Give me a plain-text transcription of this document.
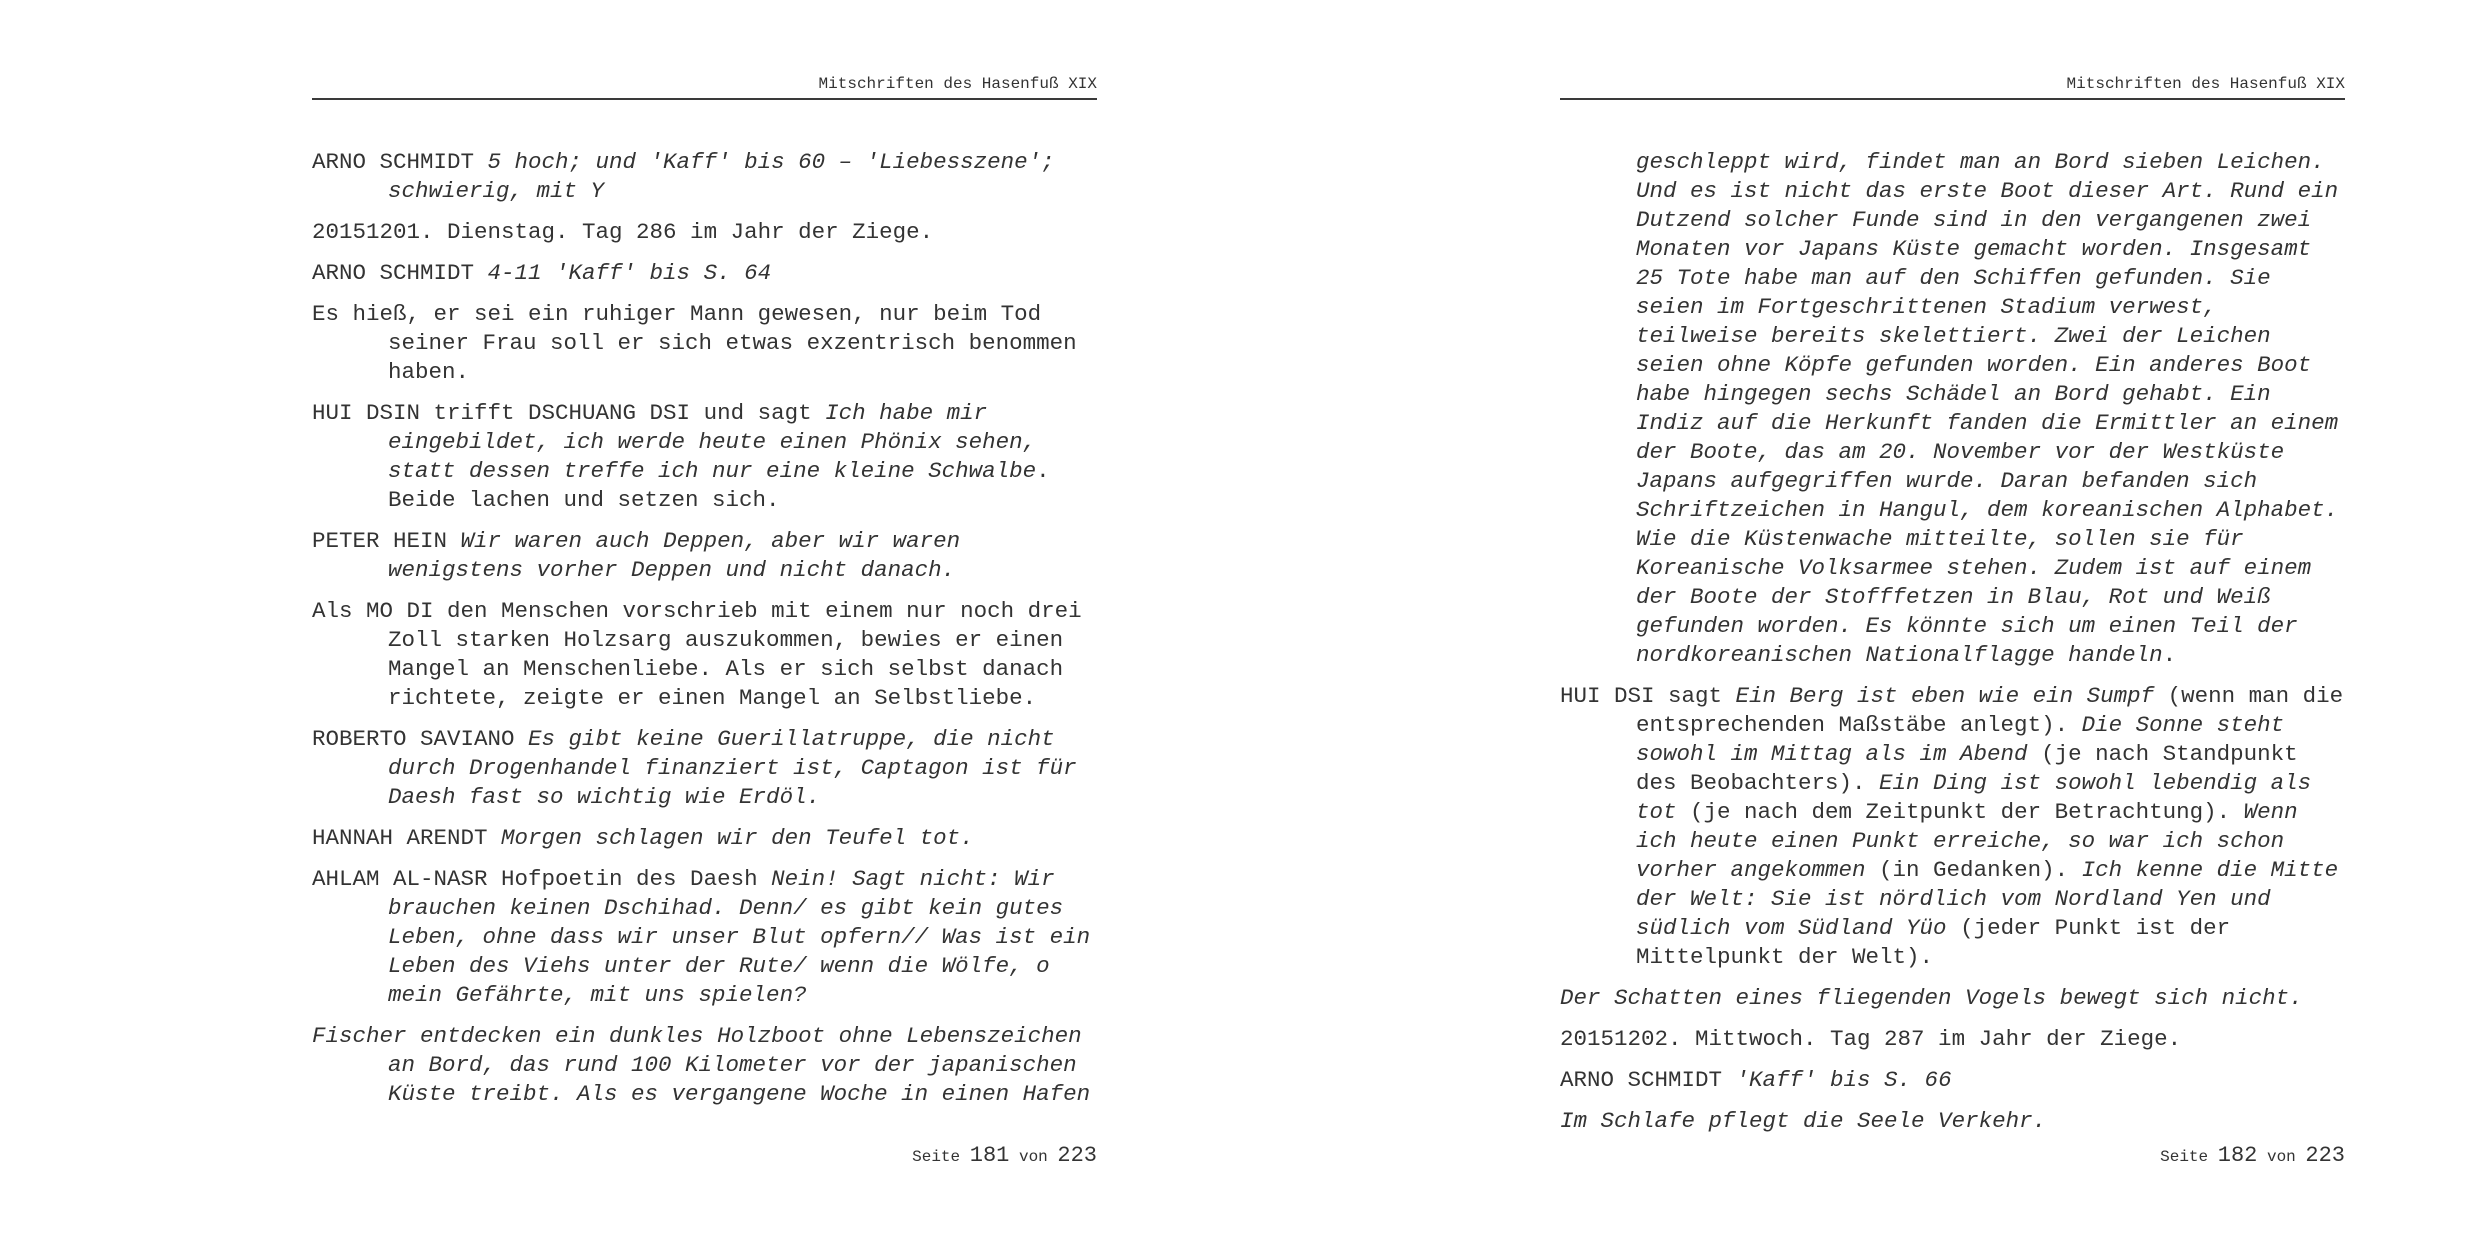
Mitschriften des Hasenfuß XIX

ARNO SCHMIDT 5 hoch; und 'Kaff' bis 60 – 'Liebesszene'; schwierig, mit Y

20151201. Dienstag. Tag 286 im Jahr der Ziege.

ARNO SCHMIDT 4-11 'Kaff' bis S. 64

Es hieß, er sei ein ruhiger Mann gewesen, nur beim Tod seiner Frau soll er sich etwas exzentrisch benommen haben.

HUI DSIN trifft DSCHUANG DSI und sagt Ich habe mir eingebildet, ich werde heute einen Phönix sehen, statt dessen treffe ich nur eine kleine Schwalbe. Beide lachen und setzen sich.

PETER HEIN Wir waren auch Deppen, aber wir waren wenigstens vorher Deppen und nicht danach.

Als MO DI den Menschen vorschrieb mit einem nur noch drei Zoll starken Holzsarg auszukommen, bewies er einen Mangel an Menschenliebe. Als er sich selbst danach richtete, zeigte er einen Mangel an Selbstliebe.

ROBERTO SAVIANO Es gibt keine Guerillatruppe, die nicht durch Drogenhandel finanziert ist, Captagon ist für Daesh fast so wichtig wie Erdöl.

HANNAH ARENDT Morgen schlagen wir den Teufel tot.

AHLAM AL-NASR Hofpoetin des Daesh Nein! Sagt nicht: Wir brauchen keinen Dschihad. Denn/ es gibt kein gutes Leben, ohne dass wir unser Blut opfern// Was ist ein Leben des Viehs unter der Rute/ wenn die Wölfe, o mein Gefährte, mit uns spielen?

Fischer entdecken ein dunkles Holzboot ohne Lebenszeichen an Bord, das rund 100 Kilometer vor der japanischen Küste treibt. Als es vergangene Woche in einen Hafen

Seite 181 von 223
Mitschriften des Hasenfuß XIX

geschleppt wird, findet man an Bord sieben Leichen. Und es ist nicht das erste Boot dieser Art. Rund ein Dutzend solcher Funde sind in den vergangenen zwei Monaten vor Japans Küste gemacht worden. Insgesamt 25 Tote habe man auf den Schiffen gefunden. Sie seien im Fortgeschrittenen Stadium verwest, teilweise bereits skelettiert. Zwei der Leichen seien ohne Köpfe gefunden worden. Ein anderes Boot habe hingegen sechs Schädel an Bord gehabt. Ein Indiz auf die Herkunft fanden die Ermittler an einem der Boote, das am 20. November vor der Westküste Japans aufgegriffen wurde. Daran befanden sich Schriftzeichen in Hangul, dem koreanischen Alphabet. Wie die Küstenwache mitteilte, sollen sie für Koreanische Volksarmee stehen. Zudem ist auf einem der Boote der Stofffetzen in Blau, Rot und Weiß gefunden worden. Es könnte sich um einen Teil der nordkoreanischen Nationalflagge handeln.

HUI DSI sagt Ein Berg ist eben wie ein Sumpf (wenn man die entsprechenden Maßstäbe anlegt). Die Sonne steht sowohl im Mittag als im Abend (je nach Standpunkt des Beobachters). Ein Ding ist sowohl lebendig als tot (je nach dem Zeitpunkt der Betrachtung). Wenn ich heute einen Punkt erreiche, so war ich schon vorher angekommen (in Gedanken). Ich kenne die Mitte der Welt: Sie ist nördlich vom Nordland Yen und südlich vom Südland Yüo (jeder Punkt ist der Mittelpunkt der Welt).

Der Schatten eines fliegenden Vogels bewegt sich nicht.

20151202. Mittwoch. Tag 287 im Jahr der Ziege.

ARNO SCHMIDT 'Kaff' bis S. 66

Im Schlafe pflegt die Seele Verkehr.

Seite 182 von 223
